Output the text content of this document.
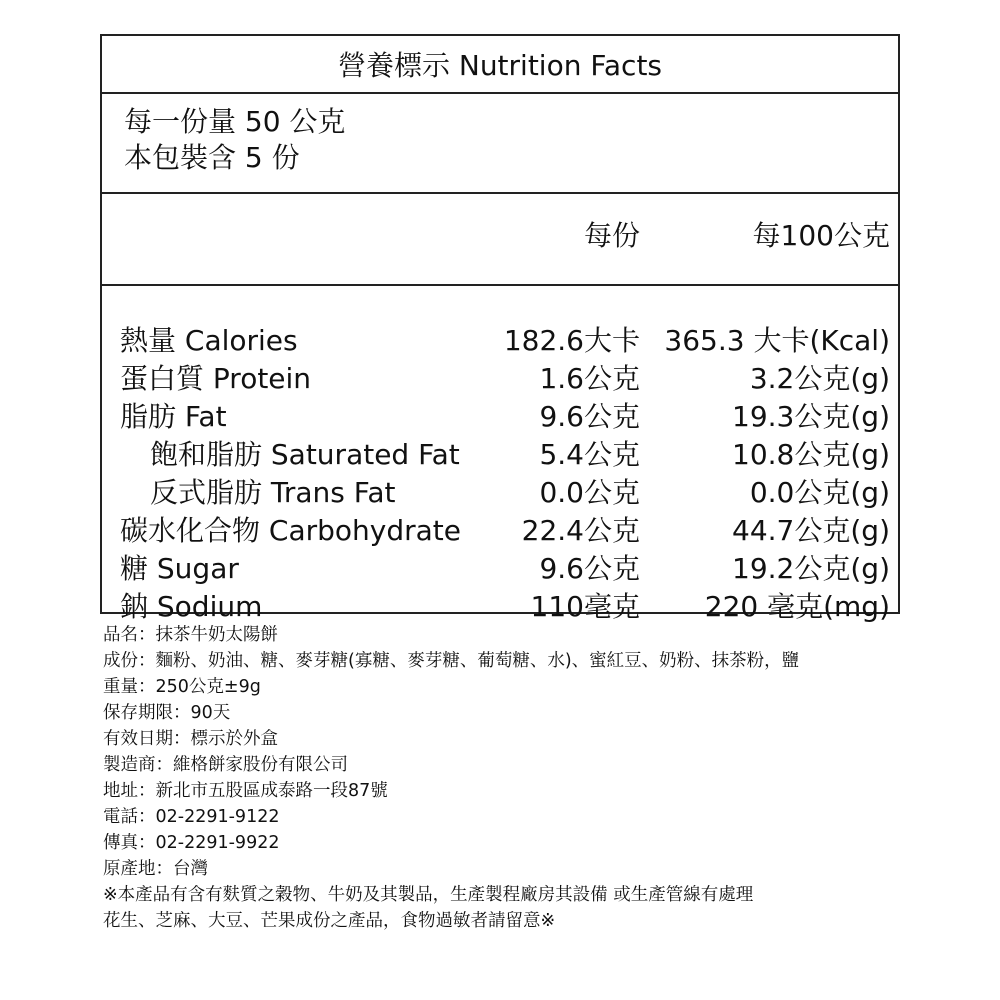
營養標示 Nutrition Facts
每一份量 50 公克
本包裝含 5 份
每份	每100公克
熱量 Calories	182.6大卡 365.3 大卡(Kcal)
蛋白質 Protein	1.6公克	3.2公克(g)
脂肪 Fat	9.6公克	19.3公克(g)
飽和脂肪 Saturated Fat	5.4公克	10.8公克(g)
反式脂肪 Trans Fat	0.0公克	0.0公克(g)
碳水化合物 Carbohydrate 22.4公克	44.7公克(g)
糖 Sugar	9.6公克	19.2公克(g)
鈉 Sodium	110毫克 220 毫克(mg)

品名：抹茶牛奶太陽餅

成份：麵粉、奶油、糖、麥芽糖(寡糖、麥芽糖、葡萄糖、水)、蜜紅豆、奶粉、抹茶粉，鹽

重量：250公克±9g

保存期限：90天

有效日期：標示於外盒

製造商：維格餅家股份有限公司

地址：新北市五股區成泰路一段87號

電話：02-2291-9122

傳真：02-2291-9922

原產地：台灣

※本產品有含有麩質之穀物、牛奶及其製品，生產製程廠房其設備 或生產管線有處理

花生、芝麻、大豆、芒果成份之產品，食物過敏者請留意※
